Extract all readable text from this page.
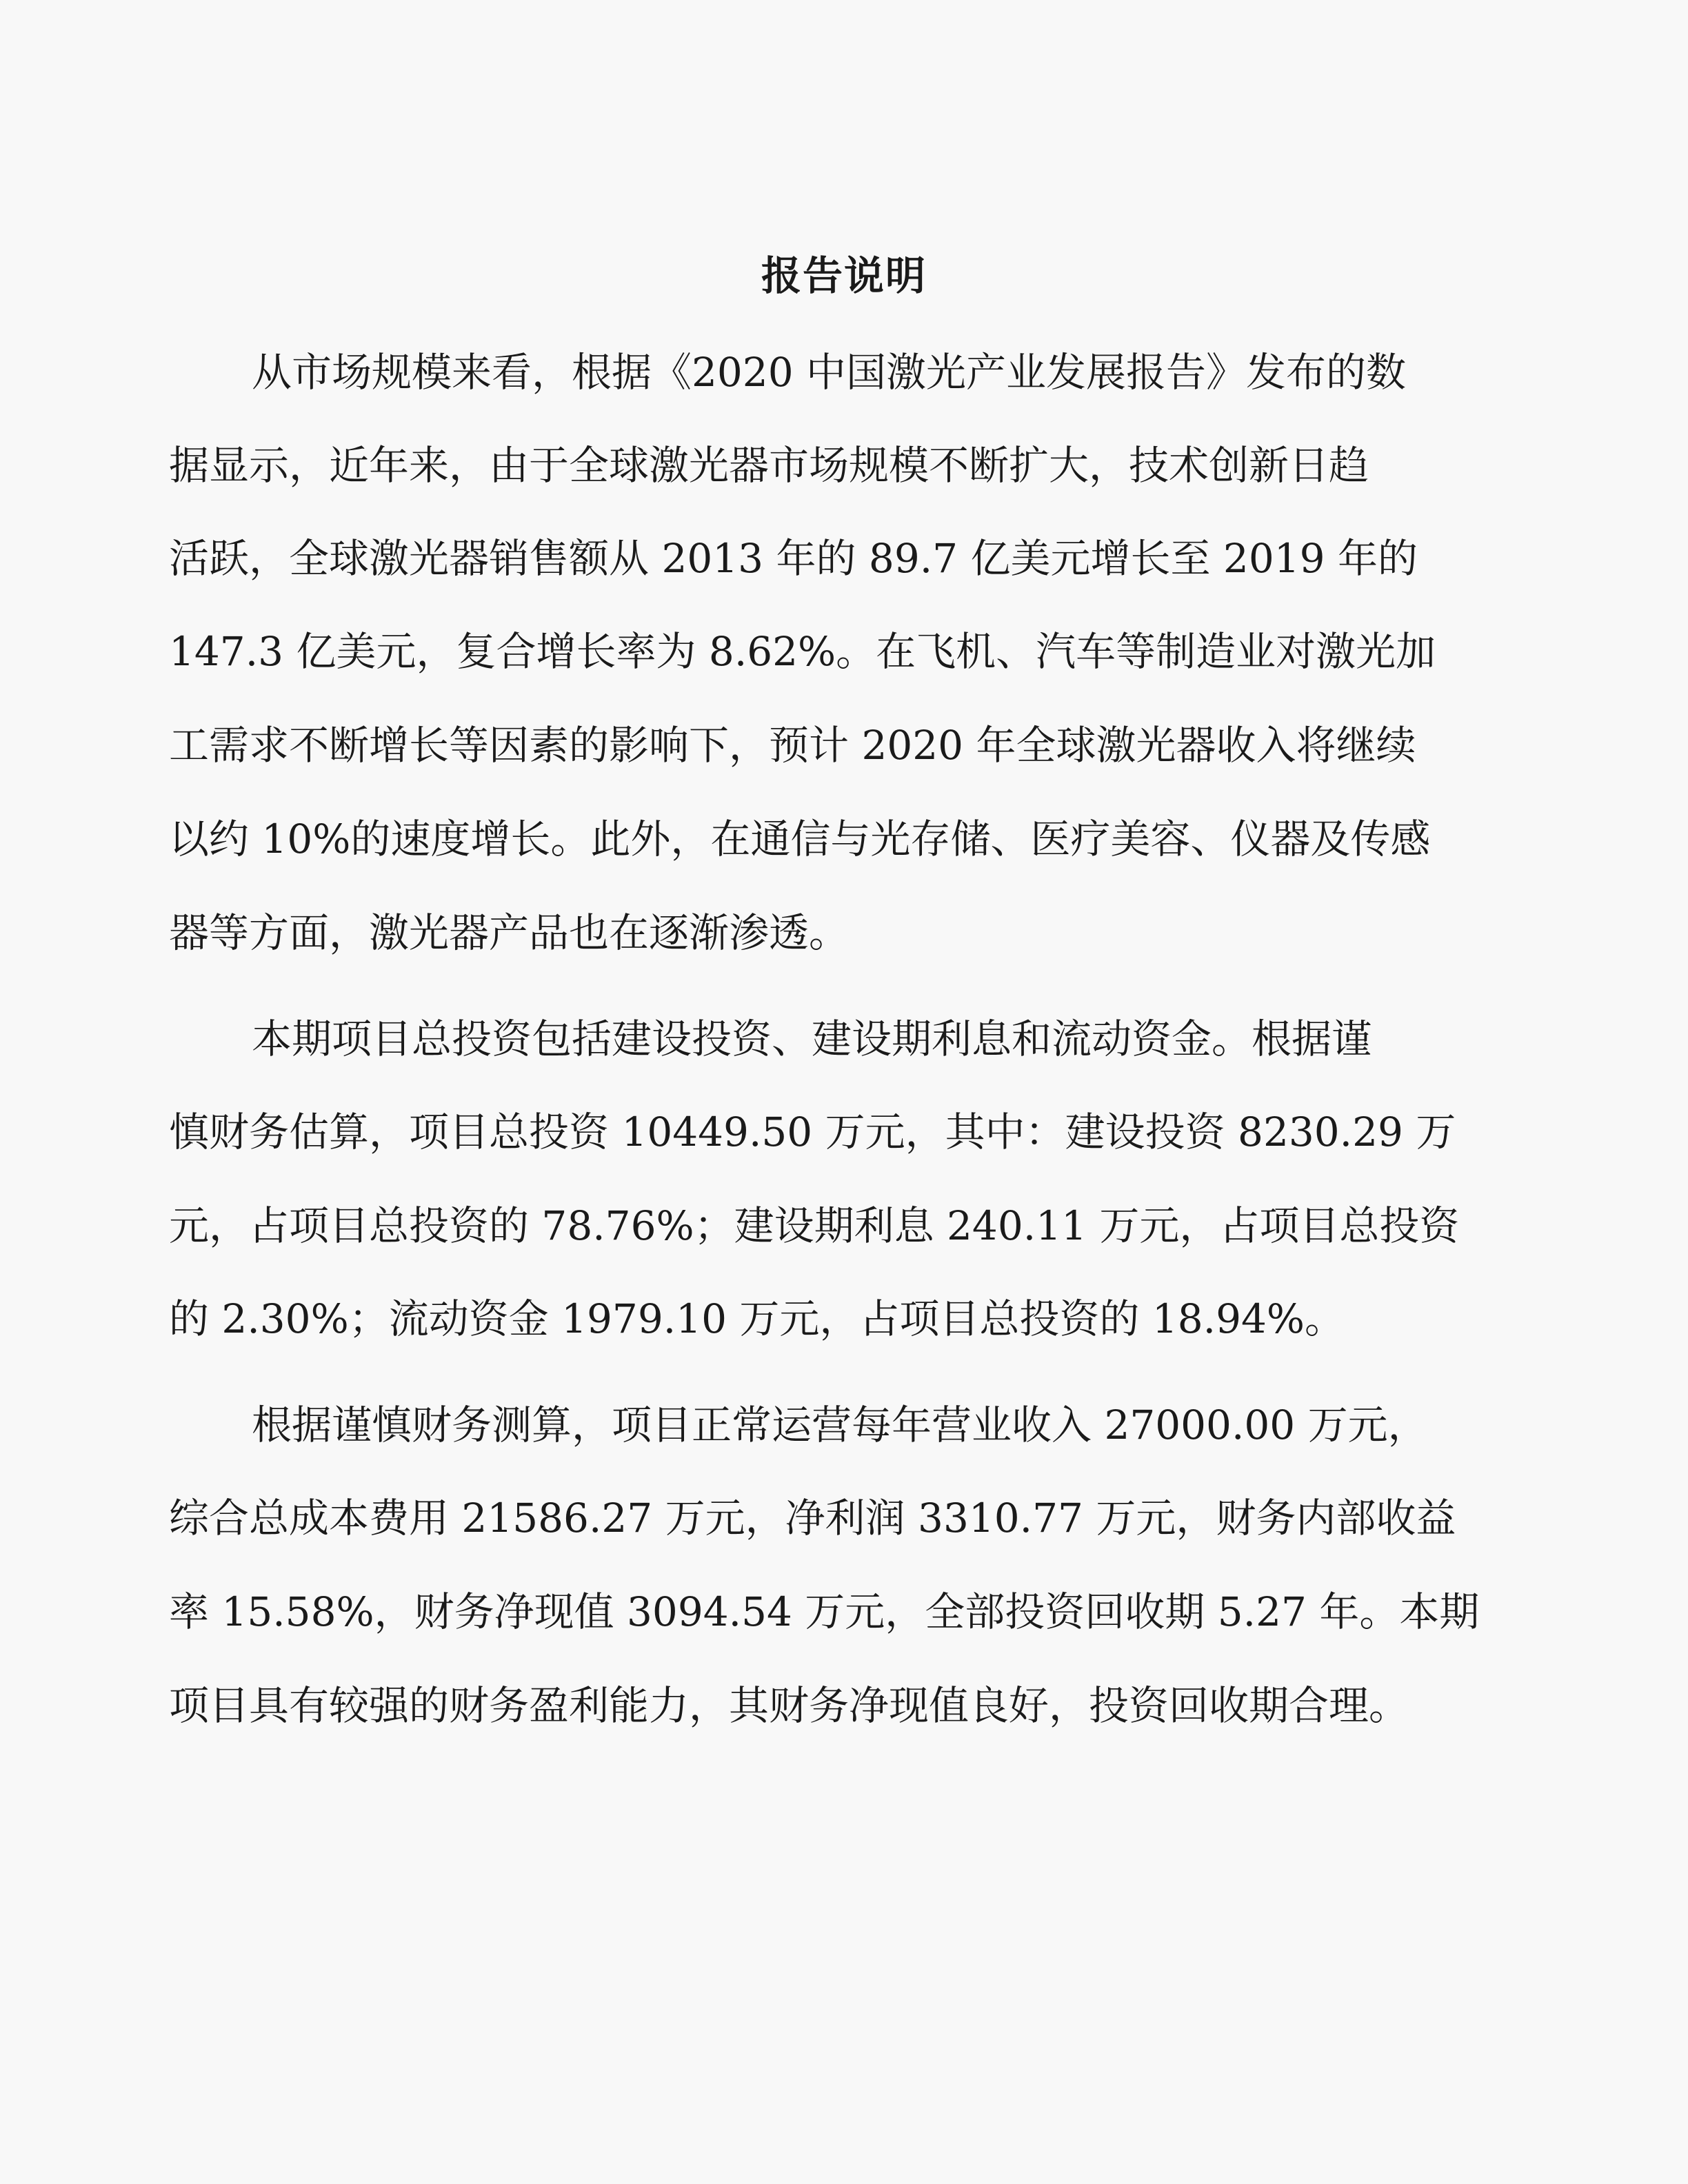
报告说明

从市场规模来看，根据《2020 中国激光产业发展报告》发布的数

据显示，近年来，由于全球激光器市场规模不断扩大，技术创新日趋

活跃，全球激光器销售额从 2013 年的 89.7 亿美元增长至 2019 年的

147.3 亿美元，复合增长率为 8.62%。在飞机、汽车等制造业对激光加

工需求不断增长等因素的影响下，预计 2020 年全球激光器收入将继续

以约 10%的速度增长。此外，在通信与光存储、医疗美容、仪器及传感

器等方面，激光器产品也在逐渐渗透。

本期项目总投资包括建设投资、建设期利息和流动资金。根据谨

慎财务估算，项目总投资 10449.50 万元，其中：建设投资 8230.29 万

元，占项目总投资的 78.76%；建设期利息 240.11 万元，占项目总投资

的 2.30%；流动资金 1979.10 万元，占项目总投资的 18.94%。

根据谨慎财务测算，项目正常运营每年营业收入 27000.00 万元，

综合总成本费用 21586.27 万元，净利润 3310.77 万元，财务内部收益

率 15.58%，财务净现值 3094.54 万元，全部投资回收期 5.27 年。本期

项目具有较强的财务盈利能力，其财务净现值良好，投资回收期合理。
